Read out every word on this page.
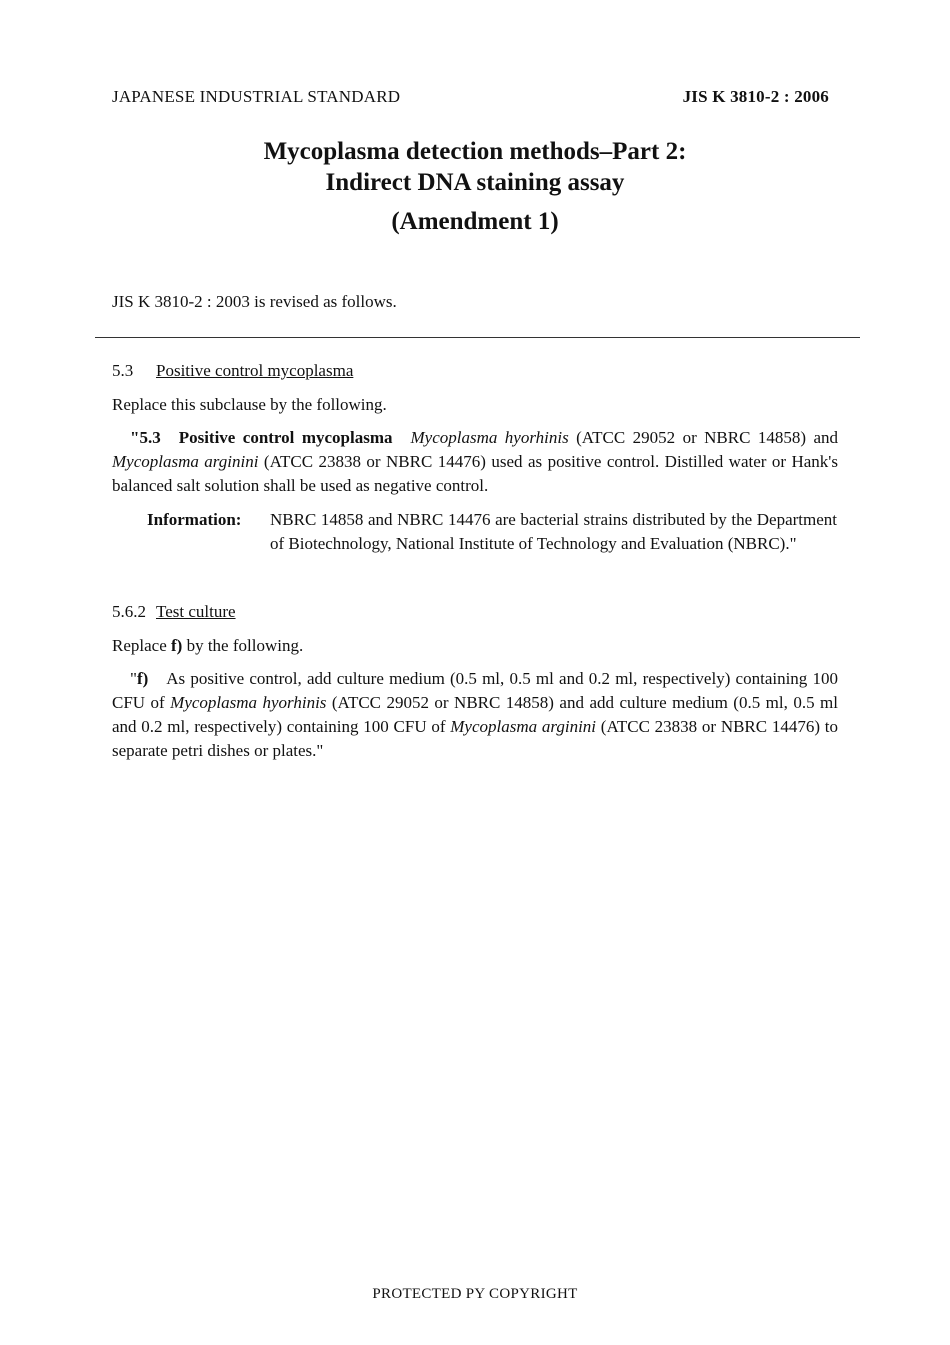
JAPANESE INDUSTRIAL STANDARD	JIS K 3810-2 : 2006
Mycoplasma detection methods–Part 2:
Indirect DNA staining assay
(Amendment 1)
JIS K 3810-2 : 2003 is revised as follows.
5.3 Positive control mycoplasma
Replace this subclause by the following.
"5.3 Positive control mycoplasma Mycoplasma hyorhinis (ATCC 29052 or NBRC 14858) and Mycoplasma arginini (ATCC 23838 or NBRC 14476) used as positive control. Distilled water or Hank's balanced salt solution shall be used as negative control.
Information: NBRC 14858 and NBRC 14476 are bacterial strains distributed by the Department of Biotechnology, National Institute of Technology and Evaluation (NBRC)."
5.6.2 Test culture
Replace f) by the following.
"f) As positive control, add culture medium (0.5 ml, 0.5 ml and 0.2 ml, respectively) containing 100 CFU of Mycoplasma hyorhinis (ATCC 29052 or NBRC 14858) and add culture medium (0.5 ml, 0.5 ml and 0.2 ml, respectively) containing 100 CFU of Mycoplasma arginini (ATCC 23838 or NBRC 14476) to separate petri dishes or plates."
PROTECTED PY COPYRIGHT
